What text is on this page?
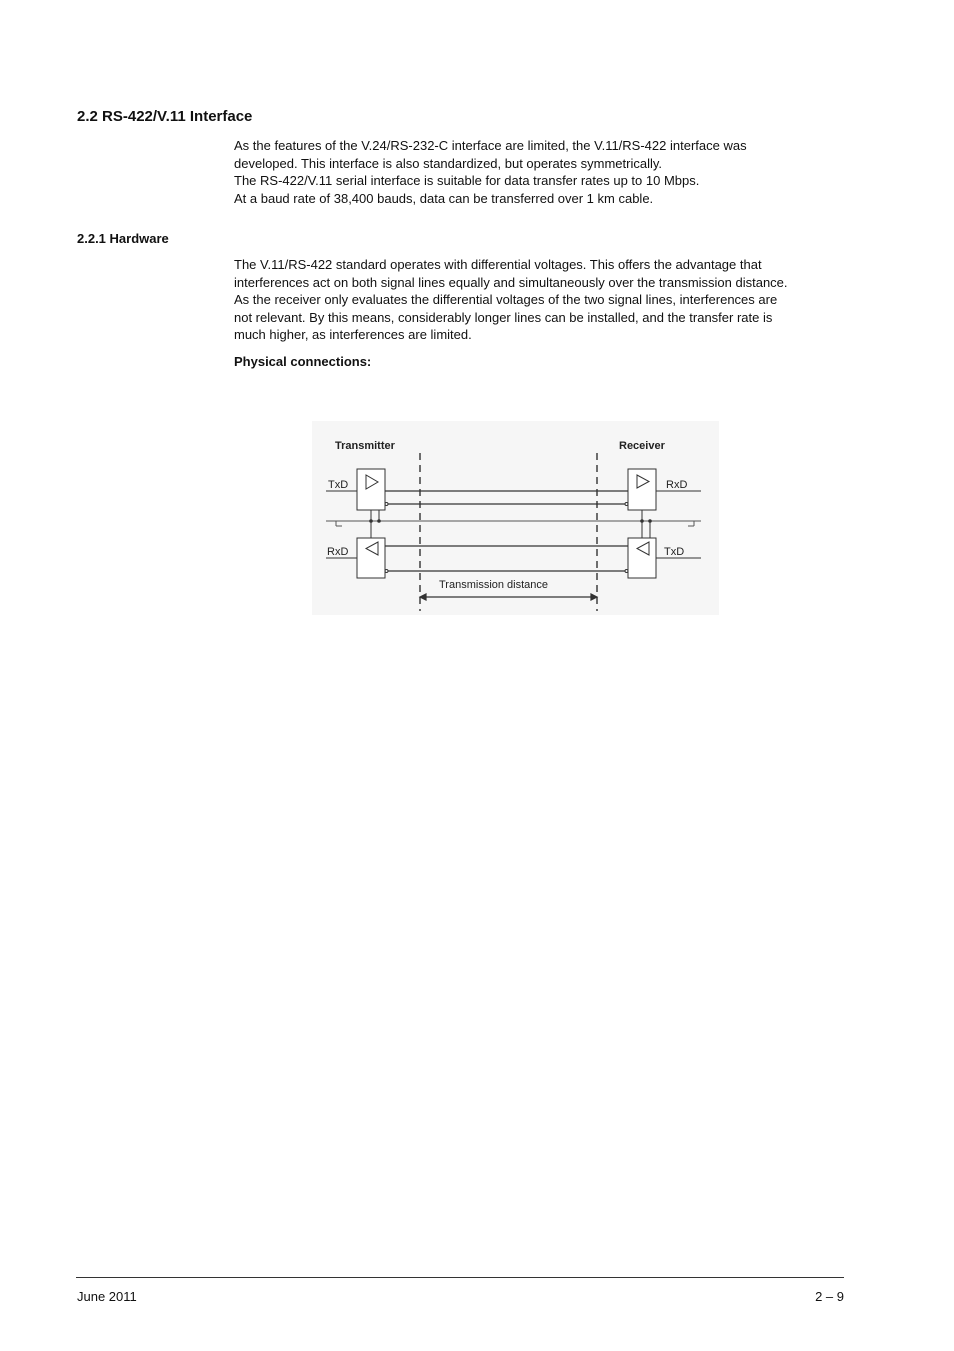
2.2 RS-422/V.11 Interface

As the features of the V.24/RS-232-C interface are limited, the V.11/RS-422 interface was
developed. This interface is also standardized, but operates symmetrically.
The RS-422/V.11 serial interface is suitable for data transfer rates up to 10 Mbps.
At a baud rate of 38,400 bauds, data can be transferred over 1 km cable.

2.2.1 Hardware

The V.11/RS-422 standard operates with differential voltages. This offers the advantage that
interferences act on both signal lines equally and simultaneously over the transmission distance.
As the receiver only evaluates the differential voltages of the two signal lines, interferences are
not relevant. By this means, considerably longer lines can be installed, and the transfer rate is
much higher, as interferences are limited.

Physical connections:

Transmitter	Receiver
TxD
RxD
RxD
TxD
Transmission distance
June 2011	2 – 9
